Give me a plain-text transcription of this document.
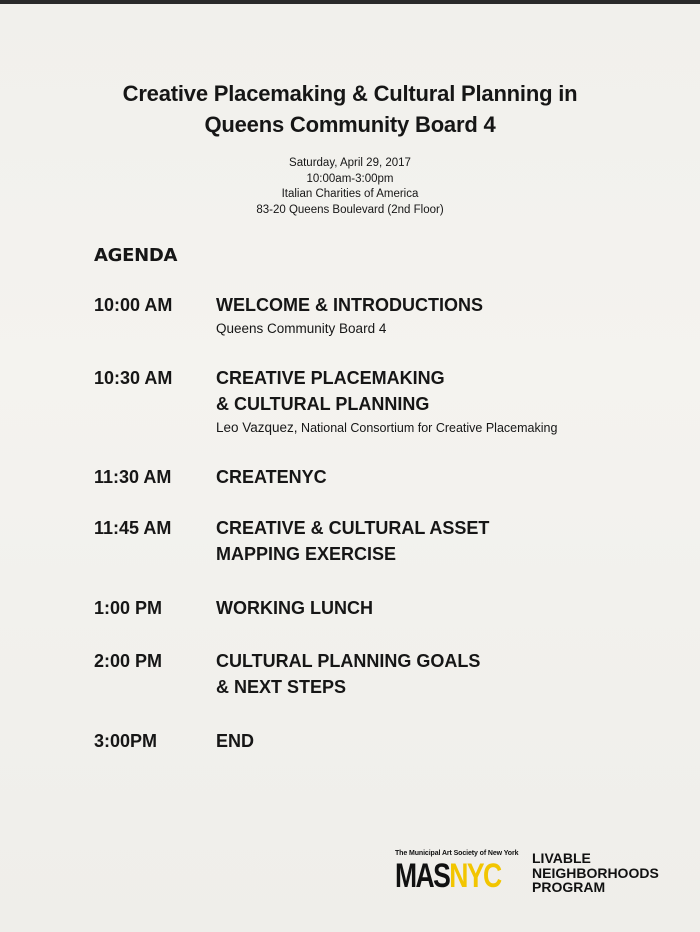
Creative Placemaking & Cultural Planning in
Queens Community Board 4
Saturday, April 29, 2017
10:00am-3:00pm
Italian Charities of America
83-20 Queens Boulevard (2nd Floor)
AGENDA
10:00 AM WELCOME & INTRODUCTIONS
Queens Community Board 4
10:30 AM CREATIVE PLACEMAKING
& CULTURAL PLANNING
Leo Vazquez, National Consortium for Creative Placemaking
11:30 AM CREATENYC
11:45 AM CREATIVE & CULTURAL ASSET
MAPPING EXERCISE
1:00 PM	WORKING LUNCH
2:00 PM	CULTURAL PLANNING GOALS
& NEXT STEPS
3:00PM	END
The Municipal Art Society of New York
MASNYC LIVABLE
NEIGHBORHOODS
PROGRAM
